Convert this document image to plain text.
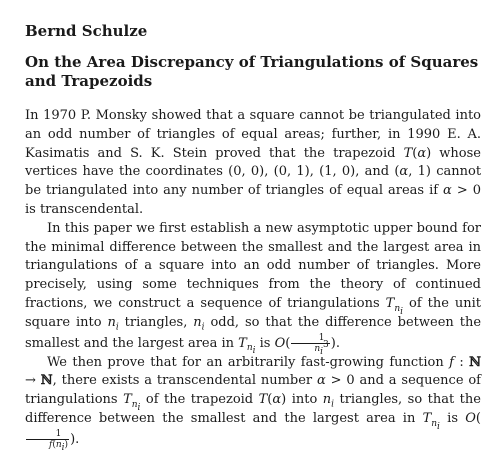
Bernd Schulze
On the Area Discrepancy of Triangulations of Squares and Trapezoids

In 1970 P. Monsky showed that a square cannot be triangulated into an odd number of triangles of equal areas; further, in 1990 E. A. Kasimatis and S. K. Stein proved that the trapezoid T(α) whose vertices have the coordinates (0, 0), (0, 1), (1, 0), and (α, 1) cannot be triangulated into any number of triangles of equal areas if α > 0 is transcendental.

In this paper we first establish a new asymptotic upper bound for the minimal difference between the smallest and the largest area in triangulations of a square into an odd number of triangles. More precisely, using some techniques from the theory of continued fractions, we construct a sequence of triangulations $T_{n_i}$ of the unit square into $n_i$ triangles, $n_i$ odd, so that the difference between the smallest and the largest area in $T_{n_i}$ is $O( \frac{1}{n_i^3}$ ).

We then prove that for an arbitrarily fast-growing function f : ℕ → ℕ, there exists a transcendental number α > 0 and a sequence of triangulations $T_{n_i}$ of the trapezoid T(α) into $n_i$ triangles, so that the difference between the smallest and the largest area in $T_{n_i}$ is O(
$\frac{1}{f(n_i)}$ ).
